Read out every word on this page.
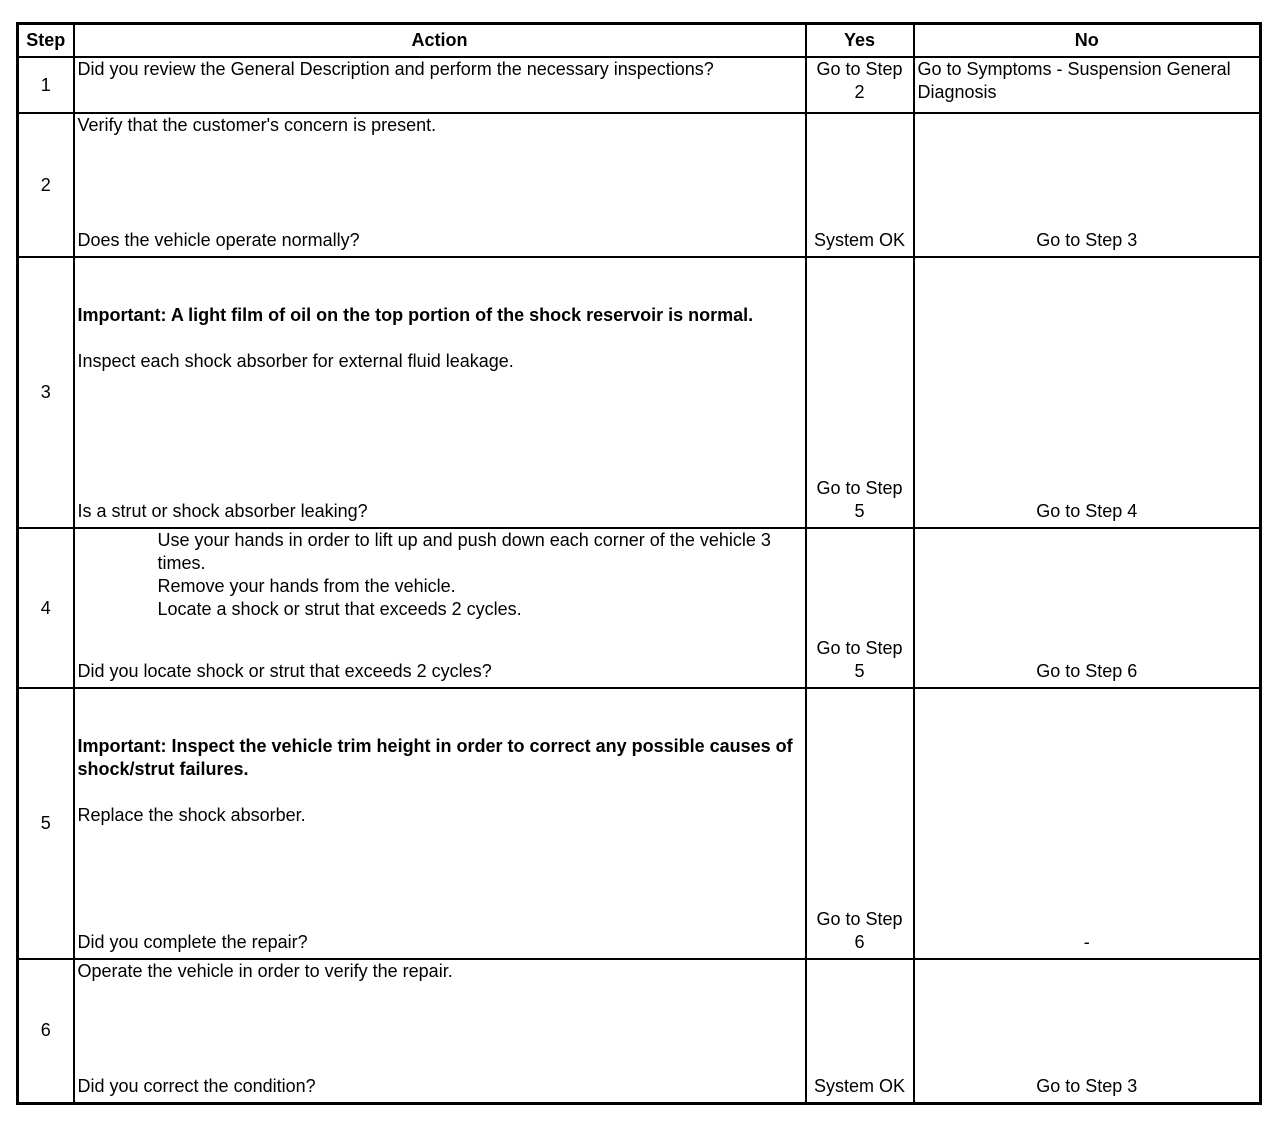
Step	Action	Yes	No
1	Did you review the General Description and perform the necessary inspections?	Go to Step 2	Go to Symptoms - Suspension General Diagnosis
2	Verify that the customer's concern is present.
Does the vehicle operate normally?	System OK	Go to Step 3

3	Important: A light film of oil on the top portion of the shock reservoir is normal.
Inspect each shock absorber for external fluid leakage.
Is a strut or shock absorber leaking?	Go to Step 5	Go to Step 4

4	Use your hands in order to lift up and push down each corner of the vehicle 3 times.
Remove your hands from the vehicle.
Locate a shock or strut that exceeds 2 cycles.
Did you locate shock or strut that exceeds 2 cycles?	Go to Step 5	Go to Step 6

5	Important: Inspect the vehicle trim height in order to correct any possible causes of shock/strut failures.
Replace the shock absorber.
Did you complete the repair?	Go to Step 6	-

6	Operate the vehicle in order to verify the repair.
Did you correct the condition?	System OK	Go to Step 3
